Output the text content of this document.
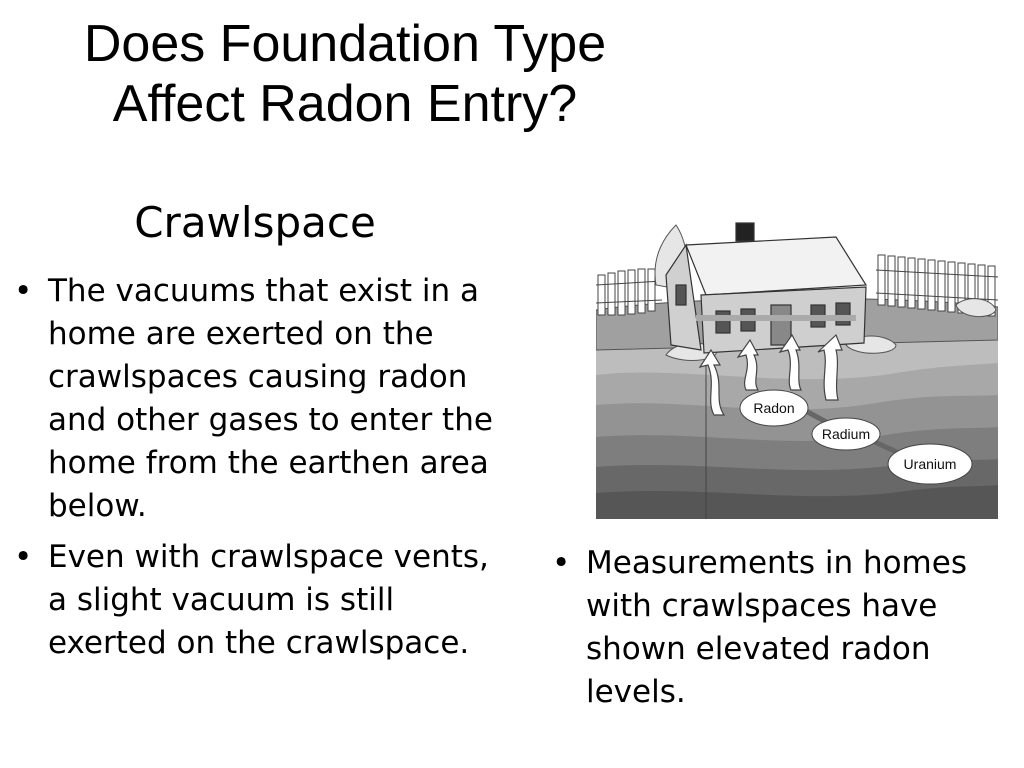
Does Foundation Type
Affect Radon Entry?
Crawlspace
• The vacuums that exist in a home are exerted on the crawlspaces causing radon and other gases to enter the home from the earthen area below.
• Even with crawlspace vents, a slight vacuum is still exerted on the crawlspace.
• Measurements in homes with crawlspaces have shown elevated radon levels.
Radon
Radium
Uranium
